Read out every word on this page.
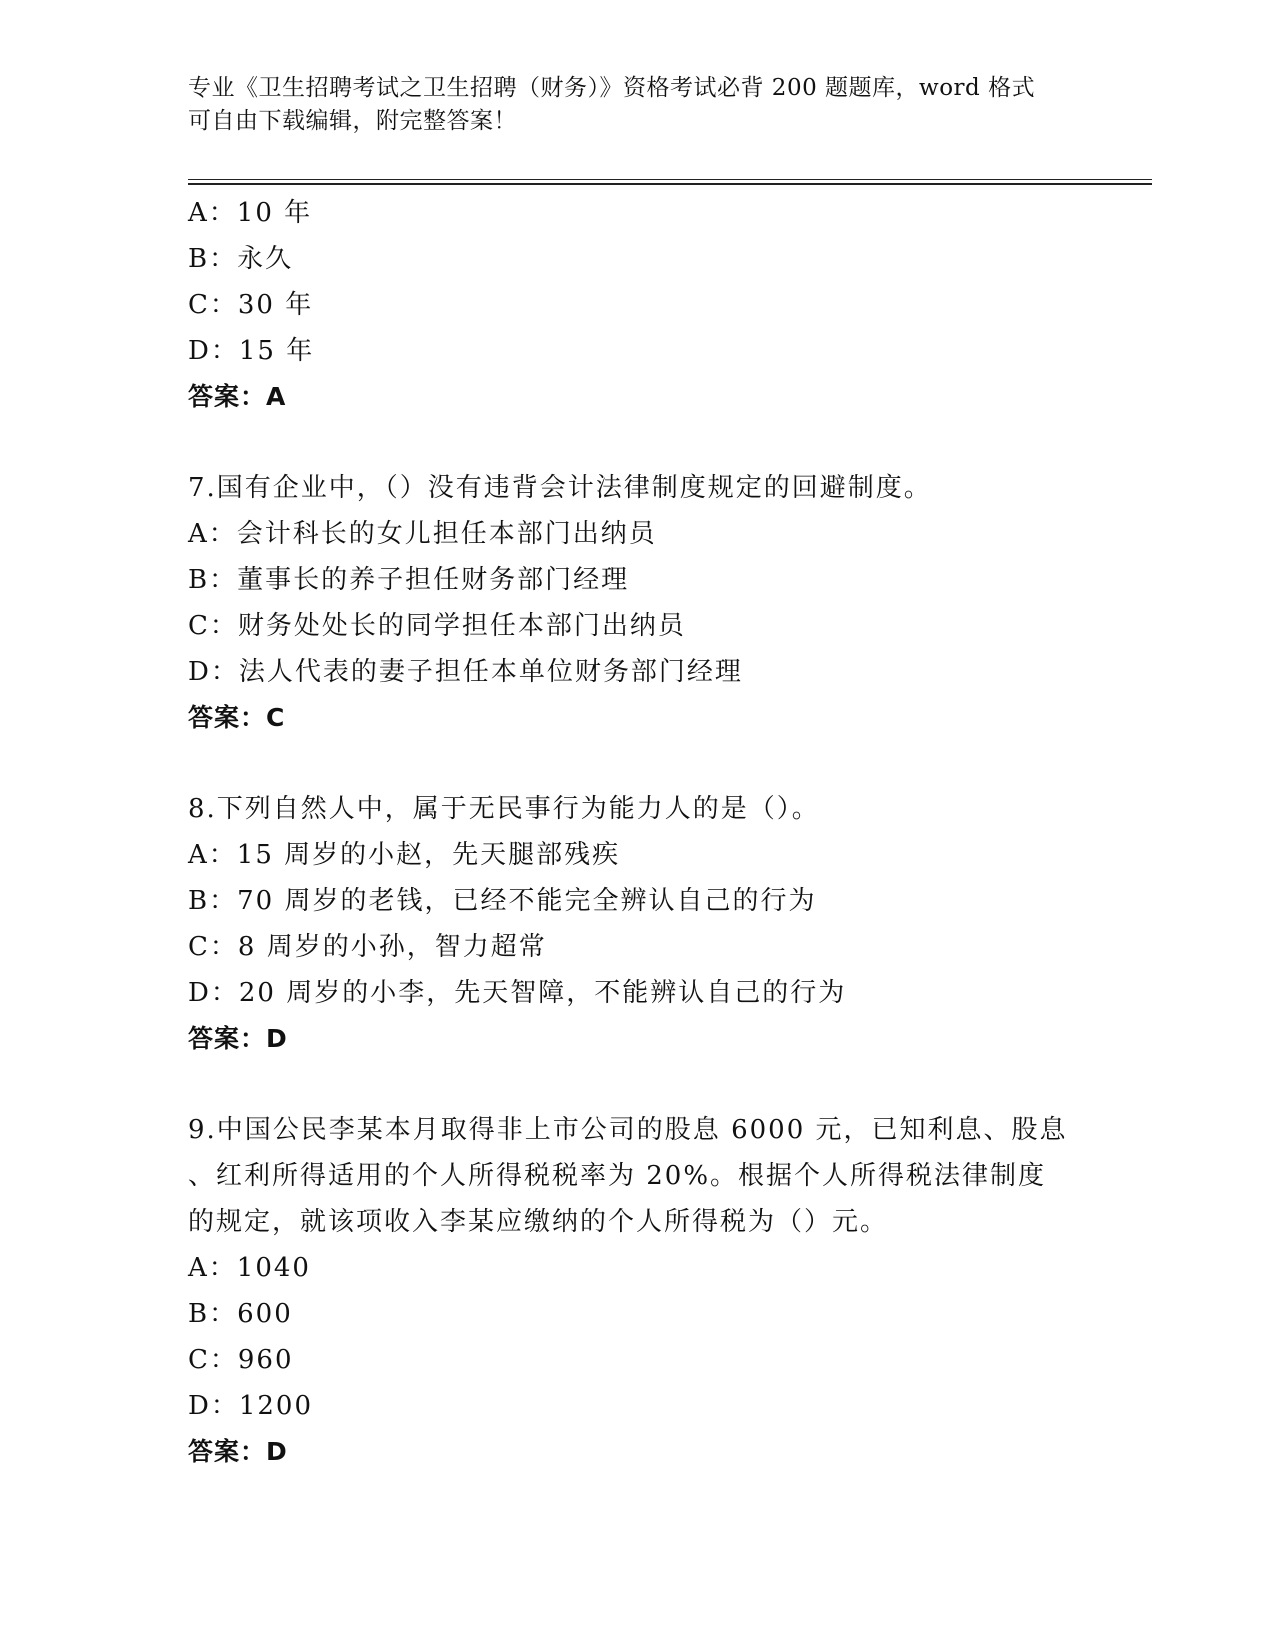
专业《卫生招聘考试之卫生招聘（财务）》资格考试必背 200 题题库，word 格式
可自由下载编辑，附完整答案！
A：10 年
B：永久
C：30 年
D：15 年
答案：A
7.国有企业中，（）没有违背会计法律制度规定的回避制度。
A：会计科长的女儿担任本部门出纳员
B：董事长的养子担任财务部门经理
C：财务处处长的同学担任本部门出纳员
D：法人代表的妻子担任本单位财务部门经理
答案：C
8.下列自然人中，属于无民事行为能力人的是（）。
A：15 周岁的小赵，先天腿部残疾
B：70 周岁的老钱，已经不能完全辨认自己的行为
C：8 周岁的小孙，智力超常
D：20 周岁的小李，先天智障，不能辨认自己的行为
答案：D
9.中国公民李某本月取得非上市公司的股息 6000 元，已知利息、股息
、红利所得适用的个人所得税税率为 20%。根据个人所得税法律制度
的规定，就该项收入李某应缴纳的个人所得税为（）元。
A：1040
B：600
C：960
D：1200
答案：D
